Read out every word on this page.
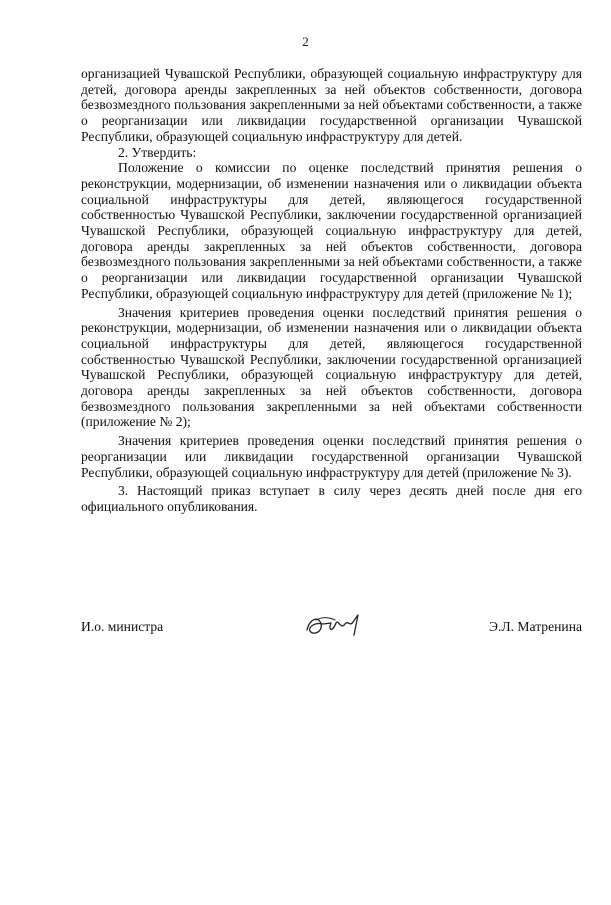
2

организацией Чувашской Республики, образующей социальную инфраструктуру для детей, договора аренды закрепленных за ней объектов собственности, договора безвозмездного пользования закрепленными за ней объектами собственности, а также о реорганизации или ликвидации государственной организации Чувашской Республики, образующей социальную инфраструктуру для детей.

2. Утвердить:

Положение о комиссии по оценке последствий принятия решения о реконструкции, модернизации, об изменении назначения или о ликвидации объекта социальной инфраструктуры для детей, являющегося государственной собственностью Чувашской Республики, заключении государственной организацией Чувашской Республики, образующей социальную инфраструктуру для детей, договора аренды закрепленных за ней объектов собственности, договора безвозмездного пользования закрепленными за ней объектами собственности, а также о реорганизации или ликвидации государственной организации Чувашской Республики, образующей социальную инфраструктуру для детей (приложение № 1);

Значения критериев проведения оценки последствий принятия решения о реконструкции, модернизации, об изменении назначения или о ликвидации объекта социальной инфраструктуры для детей, являющегося государственной собственностью Чувашской Республики, заключении государственной организацией Чувашской Республики, образующей социальную инфраструктуру для детей, договора аренды закрепленных за ней объектов собственности, договора безвозмездного пользования закрепленными за ней объектами собственности (приложение № 2);

Значения критериев проведения оценки последствий принятия решения о реорганизации или ликвидации государственной организации Чувашской Республики, образующей социальную инфраструктуру для детей (приложение № 3).

3. Настоящий приказ вступает в силу через десять дней после дня его официального опубликования.

И.о. министра	Э.Л. Матренина
